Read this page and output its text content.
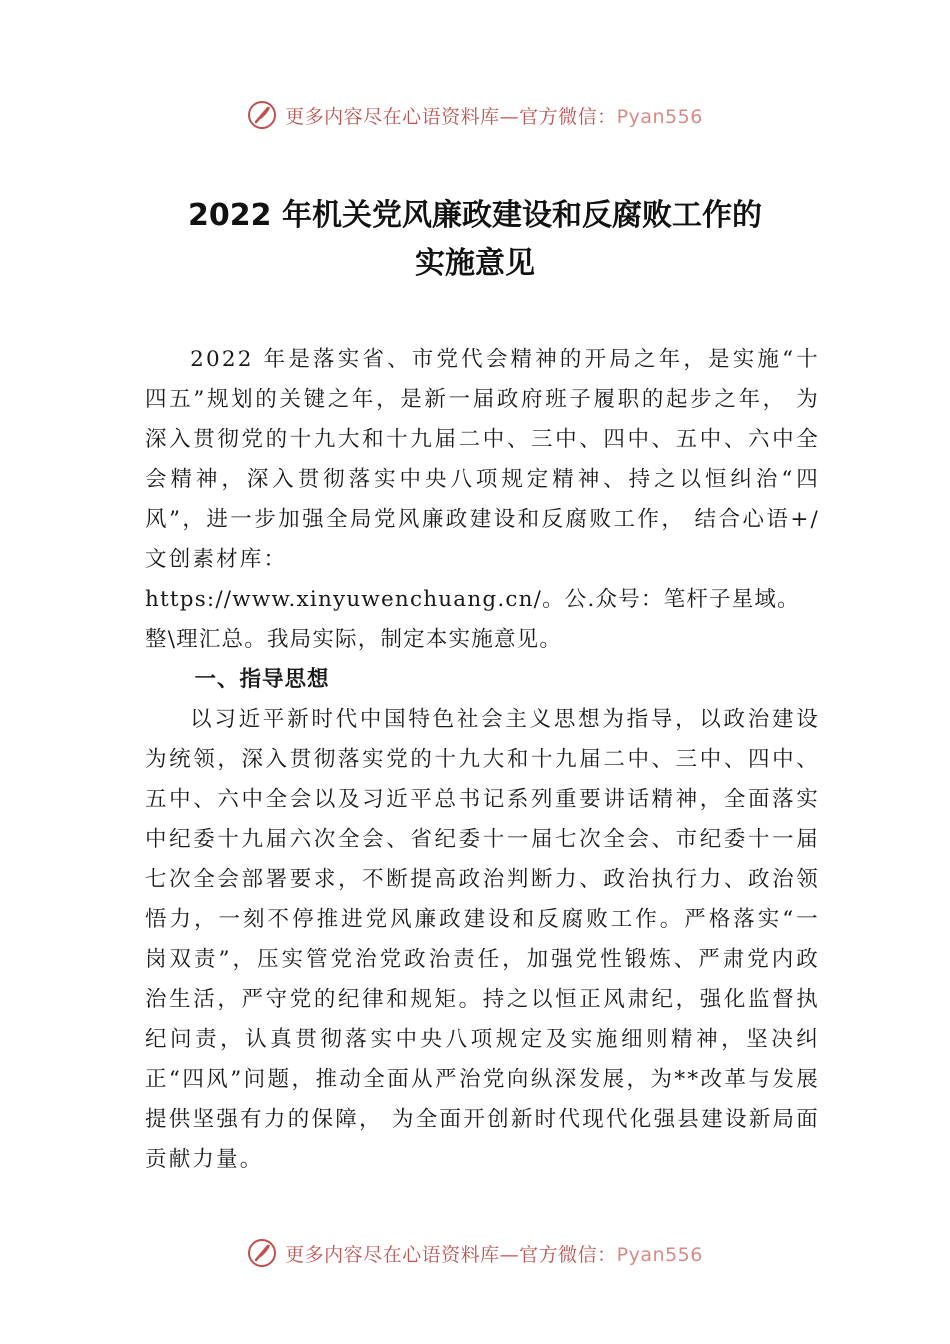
更多内容尽在心语资料库—官方微信：Pyan556
2022 年机关党风廉政建设和反腐败工作的
实施意见

2022 年是落实省、市党代会精神的开局之年，是实施“十四五”规划的关键之年，是新一届政府班子履职的起步之年， 为深入贯彻党的十九大和十九届二中、三中、四中、五中、六中全会精神，深入贯彻落实中央八项规定精神、持之以恒纠治“四风”，进一步加强全局党风廉政建设和反腐败工作， 结合心语+/文创素材库：

https://www.xinyuwenchuang.cn/。公.众号：笔杆子星域。

整\理汇总。我局实际，制定本实施意见。

一、指导思想

以习近平新时代中国特色社会主义思想为指导，以政治建设为统领，深入贯彻落实党的十九大和十九届二中、三中、四中、五中、六中全会以及习近平总书记系列重要讲话精神，全面落实中纪委十九届六次全会、省纪委十一届七次全会、市纪委十一届七次全会部署要求，不断提高政治判断力、政治执行力、政治领悟力，一刻不停推进党风廉政建设和反腐败工作。严格落实“一岗双责”，压实管党治党政治责任，加强党性锻炼、严肃党内政治生活，严守党的纪律和规矩。持之以恒正风肃纪，强化监督执纪问责，认真贯彻落实中央八项规定及实施细则精神，坚决纠正“四风”问题，推动全面从严治党向纵深发展，为**改革与发展提供坚强有力的保障， 为全面开创新时代现代化强县建设新局面贡献力量。

更多内容尽在心语资料库—官方微信：Pyan556
